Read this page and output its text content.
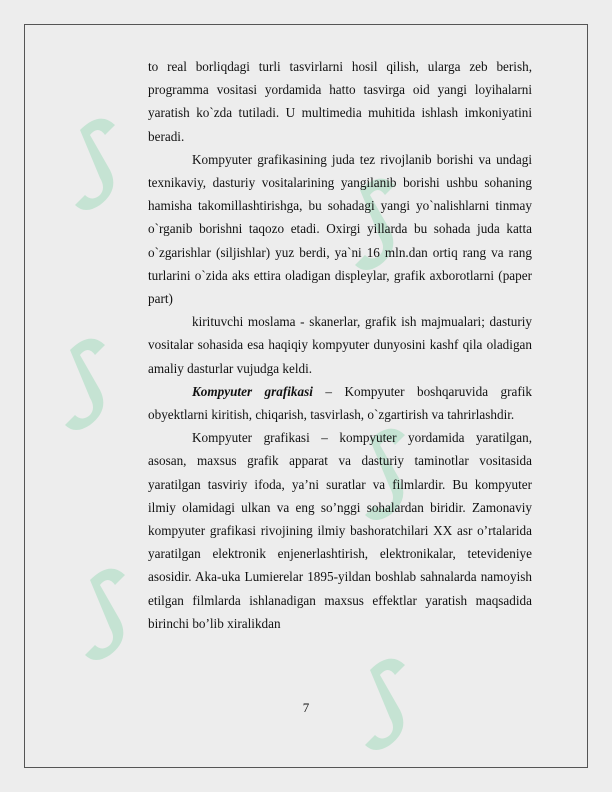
to real borliqdagi turli tasvirlarni hosil qilish, ularga zeb berish, programma vositasi yordamida hatto tasvirga oid yangi loyihalarni yaratish ko`zda tutiladi. U multimedia muhitida ishlash imkoniyatini beradi.

Kompyuter grafikasining juda tez rivojlanib borishi va undagi texnikaviy, dasturiy vositalarining yangilanib borishi ushbu sohaning hamisha takomillashtirishga, bu sohadagi yangi yo`nalishlarni tinmay o`rganib borishni taqozo etadi. Oxirgi yillarda bu sohada juda katta o`zgarishlar (siljishlar) yuz berdi, ya`ni 16 mln.dan ortiq rang va rang turlarini o`zida aks ettira oladigan displeylar, grafik axborotlarni (paper part)

kirituvchi moslama - skanerlar, grafik ish majmualari; dasturiy vositalar sohasida esa haqiqiy kompyuter dunyosini kashf qila oladigan amaliy dasturlar vujudga keldi.

Kompyuter grafikasi – Kompyuter boshqaruvida grafik obyektlarni kiritish, chiqarish, tasvirlash, o`zgartirish va tahrirlashdir.

Kompyuter grafikasi – kompyuter yordamida yaratilgan, asosan, maxsus grafik apparat va dasturiy taminotlar vositasida yaratilgan tasviriy ifoda, ya’ni suratlar va filmlardir. Bu kompyuter ilmiy olamidagi ulkan va eng so’nggi sohalardan biridir. Zamonaviy kompyuter grafikasi rivojining ilmiy bashoratchilari XX asr o’rtalarida yaratilgan elektronik enjenerlashtirish, elektronikalar, tetevideniye asosidir. Aka-uka Lumierelar 1895-yildan boshlab sahnalarda namoyish etilgan filmlarda ishlanadigan maxsus effektlar yaratish maqsadida birinchi bo’lib xiralikdan

7
